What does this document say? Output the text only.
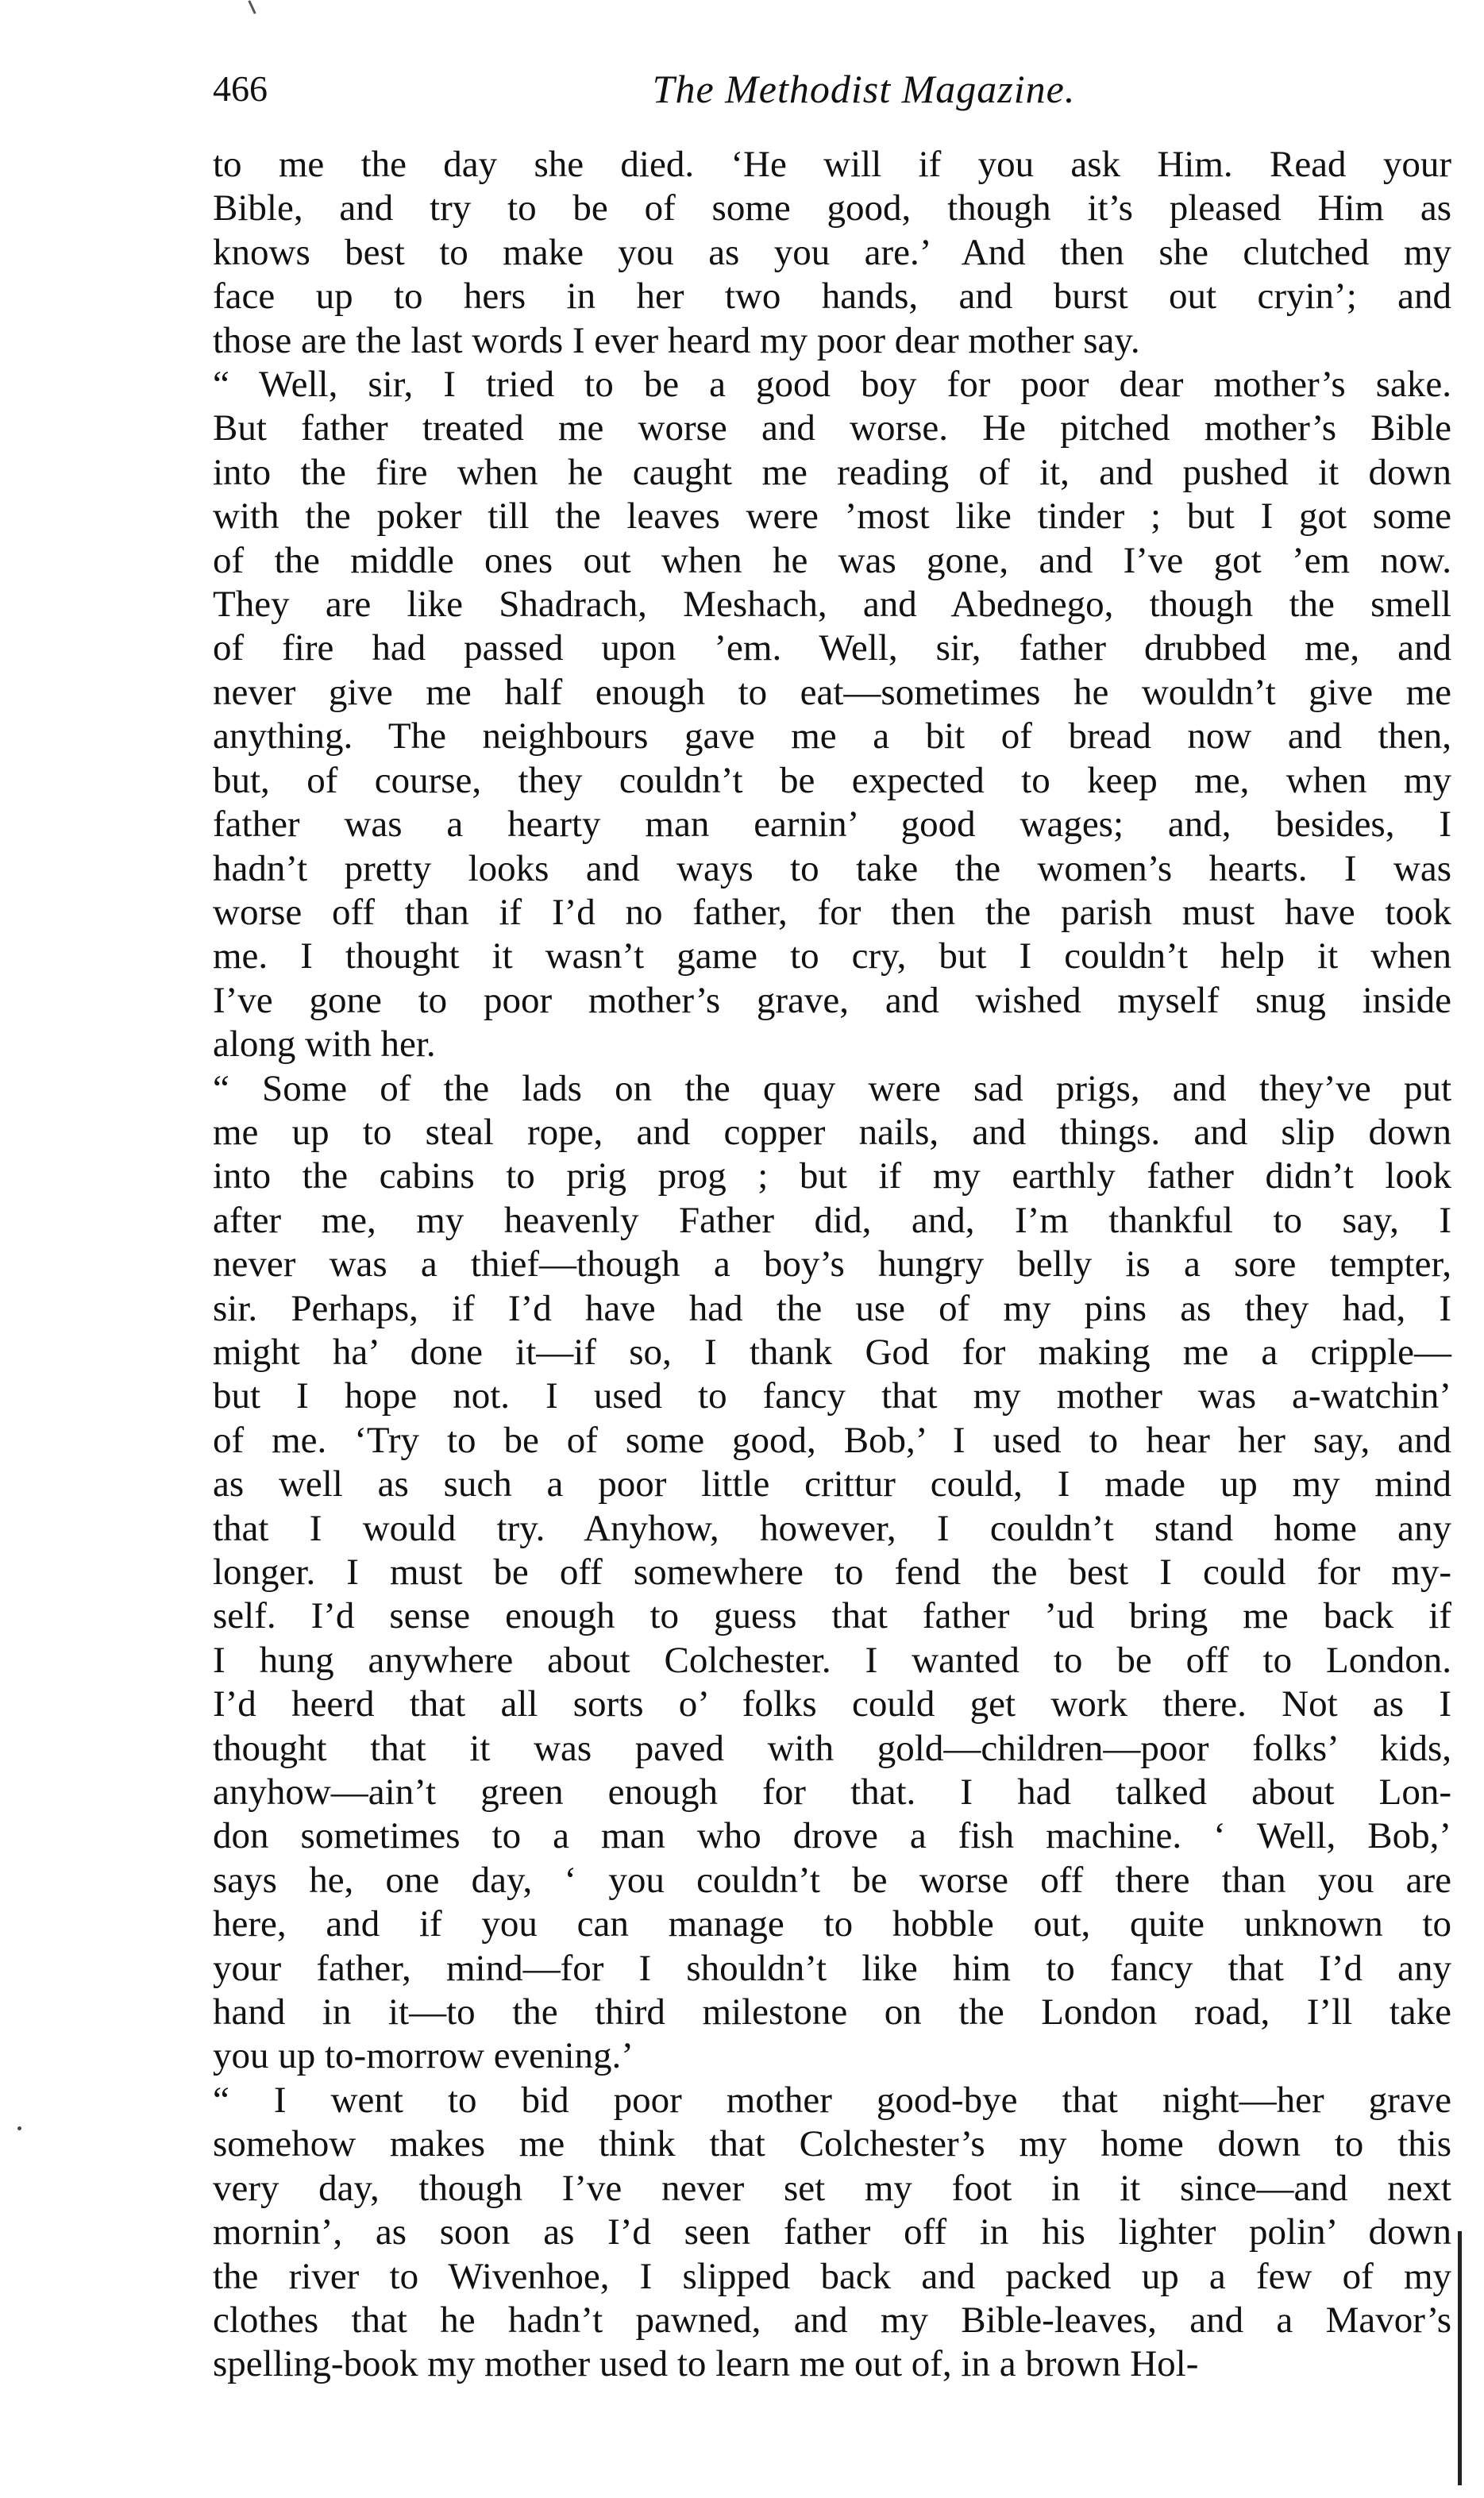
466	The Methodist Magazine.
to me the day she died. ‘He will if you ask Him. Read your
Bible, and try to be of some good, though it’s pleased Him as
knows best to make you as you are.’ And then she clutched my
face up to hers in her two hands, and burst out cryin’; and
those are the last words I ever heard my poor dear mother say.
“ Well, sir, I tried to be a good boy for poor dear mother’s sake.
But father treated me worse and worse. He pitched mother’s Bible
into the fire when he caught me reading of it, and pushed it down
with the poker till the leaves were ’most like tinder ; but I got some
of the middle ones out when he was gone, and I’ve got ’em now.
They are like Shadrach, Meshach, and Abednego, though the smell
of fire had passed upon ’em. Well, sir, father drubbed me, and
never give me half enough to eat—sometimes he wouldn’t give me
anything. The neighbours gave me a bit of bread now and then,
but, of course, they couldn’t be expected to keep me, when my
father was a hearty man earnin’ good wages; and, besides, I
hadn’t pretty looks and ways to take the women’s hearts. I was
worse off than if I’d no father, for then the parish must have took
me. I thought it wasn’t game to cry, but I couldn’t help it when
I’ve gone to poor mother’s grave, and wished myself snug inside
along with her.
“ Some of the lads on the quay were sad prigs, and they’ve put
me up to steal rope, and copper nails, and things. and slip down
into the cabins to prig prog ; but if my earthly father didn’t look
after me, my heavenly Father did, and, I’m thankful to say, I
never was a thief—though a boy’s hungry belly is a sore tempter,
sir. Perhaps, if I’d have had the use of my pins as they had, I
might ha’ done it—if so, I thank God for making me a cripple—
but I hope not. I used to fancy that my mother was a-watchin’
of me. ‘Try to be of some good, Bob,’ I used to hear her say, and
as well as such a poor little crittur could, I made up my mind
that I would try. Anyhow, however, I couldn’t stand home any
longer. I must be off somewhere to fend the best I could for my-
self. I’d sense enough to guess that father ’ud bring me back if
I hung anywhere about Colchester. I wanted to be off to London.
I’d heerd that all sorts o’ folks could get work there. Not as I
thought that it was paved with gold—children—poor folks’ kids,
anyhow—ain’t green enough for that. I had talked about Lon-
don sometimes to a man who drove a fish machine. ‘ Well, Bob,’
says he, one day, ‘ you couldn’t be worse off there than you are
here, and if you can manage to hobble out, quite unknown to
your father, mind—for I shouldn’t like him to fancy that I’d any
hand in it—to the third milestone on the London road, I’ll take
you up to-morrow evening.’
“ I went to bid poor mother good-bye that night—her grave
somehow makes me think that Colchester’s my home down to this
very day, though I’ve never set my foot in it since—and next
mornin’, as soon as I’d seen father off in his lighter polin’ down
the river to Wivenhoe, I slipped back and packed up a few of my
clothes that he hadn’t pawned, and my Bible-leaves, and a Mavor’s
spelling-book my mother used to learn me out of, in a brown Hol-
